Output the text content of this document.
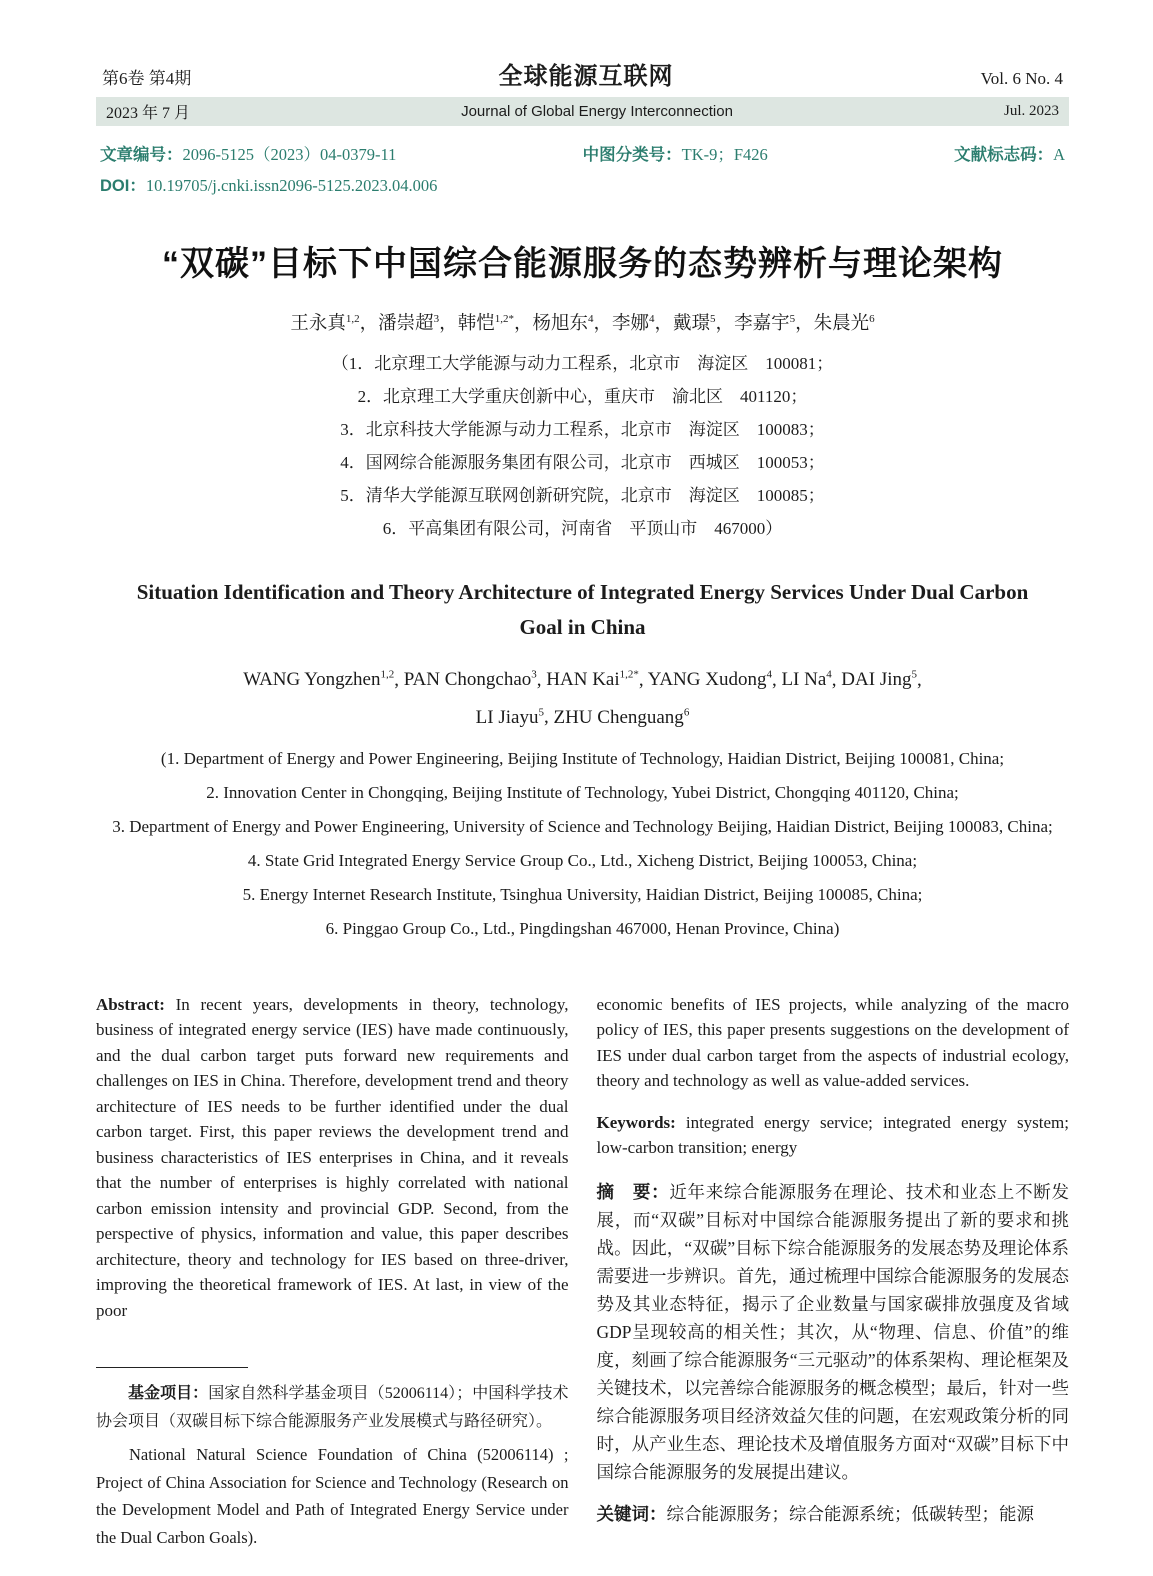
第6卷 第4期	全球能源互联网	Vol. 6 No. 4
2023 年 7 月	Journal of Global Energy Interconnection	Jul. 2023
文章编号：2096-5125（2023）04-0379-11	中图分类号：TK-9；F426	文献标志码：A
DOI：10.19705/j.cnki.issn2096-5125.2023.04.006
“双碳”目标下中国综合能源服务的态势辨析与理论架构
王永真$^{1,2}$，潘崇超$^3$，韩恺$^{1,2*}$，杨旭东$^4$，李娜$^4$，戴璟$^5$，李嘉宇$^5$，朱晨光$^6$
（1．北京理工大学能源与动力工程系，北京市　海淀区　100081；
2．北京理工大学重庆创新中心，重庆市　渝北区　401120；
3．北京科技大学能源与动力工程系，北京市　海淀区　100083；
4．国网综合能源服务集团有限公司，北京市　西城区　100053；
5．清华大学能源互联网创新研究院，北京市　海淀区　100085；
6．平高集团有限公司，河南省　平顶山市　467000）
Situation Identification and Theory Architecture of Integrated Energy Services Under Dual Carbon Goal in China
WANG Yongzhen$^{1,2}$, PAN Chongchao$^3$, HAN Kai$^{1,2*}$, YANG Xudong$^4$, LI Na$^4$, DAI Jing$^5$,
LI Jiayu$^5$, ZHU Chenguang$^6$
(1. Department of Energy and Power Engineering, Beijing Institute of Technology, Haidian District, Beijing 100081, China;
2. Innovation Center in Chongqing, Beijing Institute of Technology, Yubei District, Chongqing 401120, China;
3. Department of Energy and Power Engineering, University of Science and Technology Beijing, Haidian District, Beijing 100083, China;
4. State Grid Integrated Energy Service Group Co., Ltd., Xicheng District, Beijing 100053, China;
5. Energy Internet Research Institute, Tsinghua University, Haidian District, Beijing 100085, China;
6. Pinggao Group Co., Ltd., Pingdingshan 467000, Henan Province, China)

Abstract: In recent years, developments in theory, technology, business of integrated energy service (IES) have made continuously, and the dual carbon target puts forward new requirements and challenges on IES in China. Therefore, development trend and theory architecture of IES needs to be further identified under the dual carbon target. First, this paper reviews the development trend and business characteristics of IES enterprises in China, and it reveals that the number of enterprises is highly correlated with national carbon emission intensity and provincial GDP. Second, from the perspective of physics, information and value, this paper describes architecture, theory and technology for IES based on three-driver, improving the theoretical framework of IES. At last, in view of the poor

基金项目：国家自然科学基金项目（52006114）；中国科学技术协会项目（双碳目标下综合能源服务产业发展模式与路径研究）。

National Natural Science Foundation of China (52006114) ; Project of China Association for Science and Technology (Research on the Development Model and Path of Integrated Energy Service under the Dual Carbon Goals).

economic benefits of IES projects, while analyzing of the macro policy of IES, this paper presents suggestions on the development of IES under dual carbon target from the aspects of industrial ecology, theory and technology as well as value-added services.

Keywords: integrated energy service; integrated energy system; low-carbon transition; energy

摘　要：近年来综合能源服务在理论、技术和业态上不断发展，而“双碳”目标对中国综合能源服务提出了新的要求和挑战。因此，“双碳”目标下综合能源服务的发展态势及理论体系需要进一步辨识。首先，通过梳理中国综合能源服务的发展态势及其业态特征，揭示了企业数量与国家碳排放强度及省域GDP呈现较高的相关性；其次，从“物理、信息、价值”的维度，刻画了综合能源服务“三元驱动”的体系架构、理论框架及关键技术，以完善综合能源服务的概念模型；最后，针对一些综合能源服务项目经济效益欠佳的问题，在宏观政策分析的同时，从产业生态、理论技术及增值服务方面对“双碳”目标下中国综合能源服务的发展提出建议。

关键词：综合能源服务；综合能源系统；低碳转型；能源
